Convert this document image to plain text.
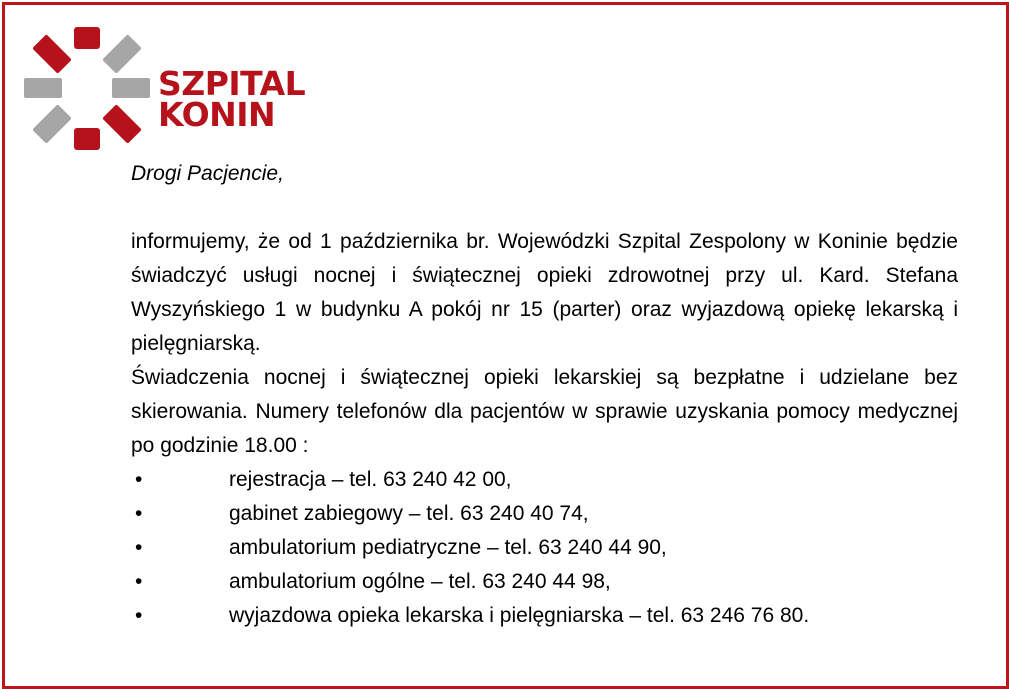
SZPITAL
KONIN

Drogi Pacjencie,

informujemy, że od 1 października br. Wojewódzki Szpital Zespolony w Koninie będzie świadczyć usługi nocnej i świątecznej opieki zdrowotnej przy ul. Kard. Stefana Wyszyńskiego 1 w budynku A pokój nr 15 (parter) oraz wyjazdową opiekę lekarską i pielęgniarską.

Świadczenia nocnej i świątecznej opieki lekarskiej są bezpłatne i udzielane bez skierowania. Numery telefonów dla pacjentów w sprawie uzyskania pomocy medycznej po godzinie 18.00 :

•	rejestracja – tel. 63 240 42 00,
•	gabinet zabiegowy – tel. 63 240 40 74,
•	ambulatorium pediatryczne – tel. 63 240 44 90,
•	ambulatorium ogólne – tel. 63 240 44 98,
•	wyjazdowa opieka lekarska i pielęgniarska – tel. 63 246 76 80.
